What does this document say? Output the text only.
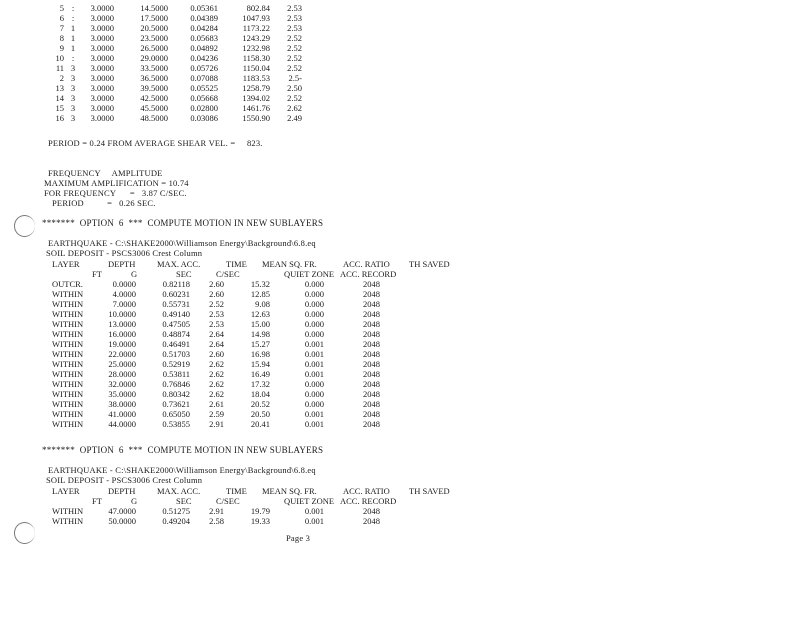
5 :	3.0000	14.5000	0.05361	802.84	2.53
6 :	3.0000	17.5000	0.04389	1047.93	2.53
7 1	3.0000	20.5000	0.04284	1173.22	2.53
8 1	3.0000	23.5000	0.05683	1243.29	2.52
9 1	3.0000	26.5000	0.04892	1232.98	2.52
10 :	3.0000	29.0000	0.04236	1158.30	2.52
11 3	3.0000	33.5000	0.05726	1150.04	2.52
2 3	3.0000	36.5000	0.07088	1183.53	2.5-
13 3	3.0000	39.5000	0.05525	1258.79	2.50
14 3	3.0000	42.5000	0.05668	1394.02	2.52
15 3	3.0000	45.5000	0.02800	1461.76	2.62
16 3	3.0000	48.5000	0.03086	1550.90	2.49
PERIOD = 0.24 FROM AVERAGE SHEAR VEL. =     823.
FREQUENCY     AMPLITUDE
MAXIMUM AMPLIFICATION = 10.74
FOR FREQUENCY      =   3.87 C/SEC.
PERIOD          =   0.26 SEC.
*******  OPTION  6  ***  COMPUTE MOTION IN NEW SUBLAYERS
EARTHQUAKE - C:\SHAKE2000\Williamson Energy\Background\6.8.eq
SOIL DEPOSIT - PSCS3006 Crest Column
LAYER	DEPTH	MAX. ACC.	TIME MEAN SQ. FR.	ACC. RATIO TH SAVED
FT	G	SEC	C/SEC	QUIET ZONE ACC. RECORD
OUTCR.	0.0000	0.82118	2.60	15.32	0.000	2048
WITHIN	4.0000	0.60231	2.60	12.85	0.000	2048
WITHIN	7.0000	0.55731	2.52	9.08	0.000	2048
WITHIN	10.0000	0.49140	2.53	12.63	0.000	2048
WITHIN	13.0000	0.47505	2.53	15.00	0.000	2048
WITHIN	16.0000	0.48874	2.64	14.98	0.000	2048
WITHIN	19.0000	0.46491	2.64	15.27	0.001	2048
WITHIN	22.0000	0.51703	2.60	16.98	0.001	2048
WITHIN	25.0000	0.52919	2.62	15.94	0.001	2048
WITHIN	28.0000	0.53811	2.62	16.49	0.001	2048
WITHIN	32.0000	0.76846	2.62	17.32	0.000	2048
WITHIN	35.0000	0.80342	2.62	18.04	0.000	2048
WITHIN	38.0000	0.73621	2.61	20.52	0.000	2048
WITHIN	41.0000	0.65050	2.59	20.50	0.001	2048
WITHIN	44.0000	0.53855	2.91	20.41	0.001	2048
*******  OPTION  6  ***  COMPUTE MOTION IN NEW SUBLAYERS
EARTHQUAKE - C:\SHAKE2000\Williamson Energy\Background\6.8.eq
SOIL DEPOSIT - PSCS3006 Crest Column
LAYER	DEPTH	MAX. ACC.	TIME MEAN SQ. FR.	ACC. RATIO TH SAVED
FT	G	SEC	C/SEC	QUIET ZONE ACC. RECORD
WITHIN	47.0000	0.51275	2.91	19.79	0.001	2048
WITHIN	50.0000	0.49204	2.58	19.33	0.001	2048
Page 3
